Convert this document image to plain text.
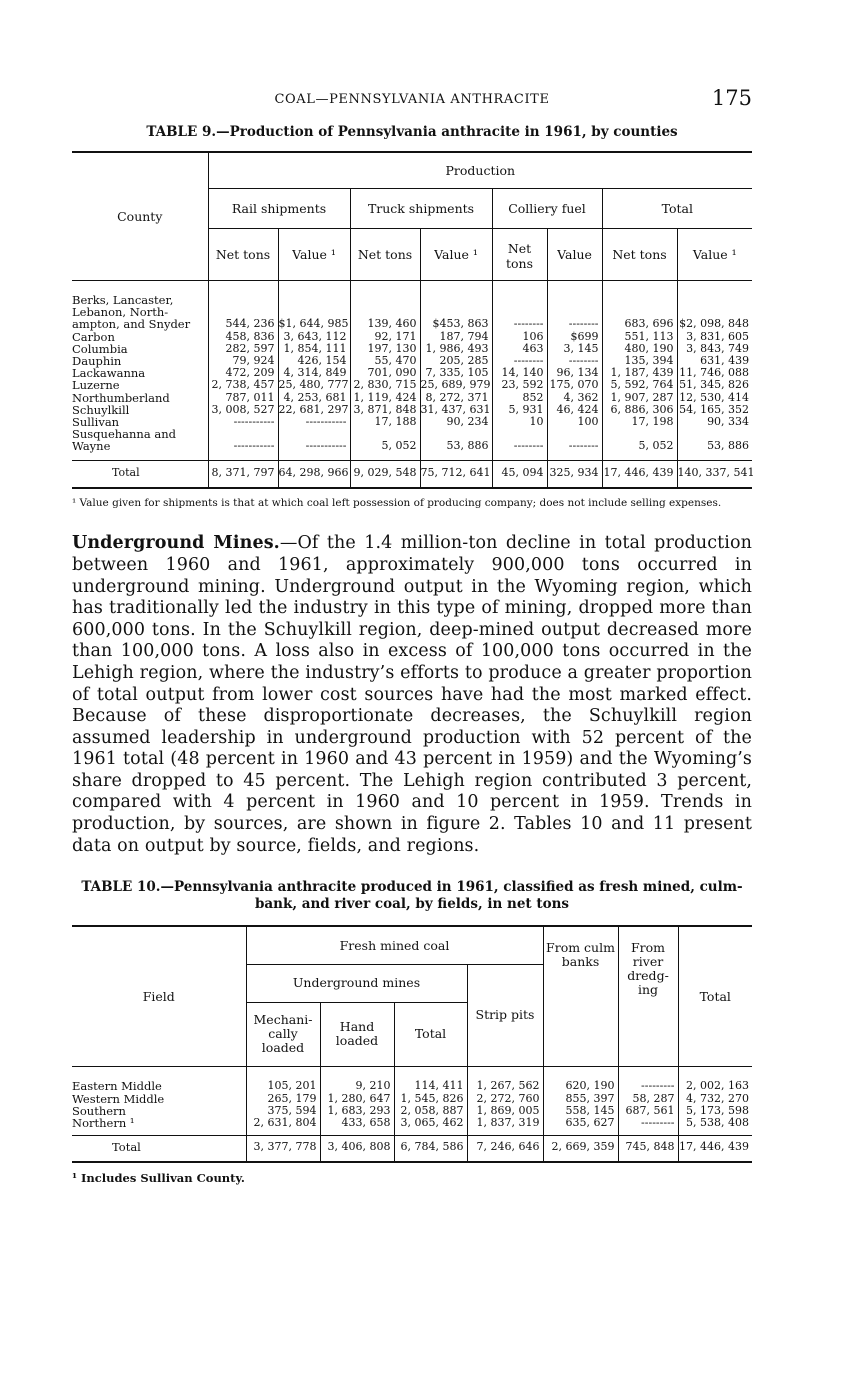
COAL—PENNSYLVANIA ANTHRACITE	175
TABLE 9.—Production of Pennsylvania anthracite in 1961, by counties
County	Production							
	Rail shipments		Truck shipments		Colliery fuel		Total	
	Net tons	Value ¹	Net tons	Value ¹	Net tons	Value	Net tons	Value ¹

Berks, Lancaster, Lebanon, North- ampton, and Snyder	544, 236	$1, 644, 985	139, 460	$453, 863	--------	--------	683, 696	$2, 098, 848
Carbon	458, 836	3, 643, 112	92, 171	187, 794	106	$699	551, 113	3, 831, 605
Columbia	282, 597	1, 854, 111	197, 130	1, 986, 493	463	3, 145	480, 190	3, 843, 749
Dauphin	79, 924	426, 154	55, 470	205, 285	--------	--------	135, 394	631, 439
Lackawanna	472, 209	4, 314, 849	701, 090	7, 335, 105	14, 140	96, 134	1, 187, 439	11, 746, 088
Luzerne	2, 738, 457	25, 480, 777	2, 830, 715	25, 689, 979	23, 592	175, 070	5, 592, 764	51, 345, 826
Northumberland	787, 011	4, 253, 681	1, 119, 424	8, 272, 371	852	4, 362	1, 907, 287	12, 530, 414
Schuylkill	3, 008, 527	22, 681, 297	3, 871, 848	31, 437, 631	5, 931	46, 424	6, 886, 306	54, 165, 352
Sullivan	-----------	-----------	17, 188	90, 234	10	100	17, 198	90, 334
Susquehanna and Wayne	-----------	-----------	5, 052	53, 886	--------	--------	5, 052	53, 886

Total	8, 371, 797	64, 298, 966	9, 029, 548	75, 712, 641	45, 094	325, 934	17, 446, 439	140, 337, 541
¹ Value given for shipments is that at which coal left possession of producing company; does not include selling expenses.
Underground Mines.—Of the 1.4 million-ton decline in total production between 1960 and 1961, approximately 900,000 tons occurred in underground mining. Underground output in the Wyoming region, which has traditionally led the industry in this type of mining, dropped more than 600,000 tons. In the Schuylkill region, deep-mined output decreased more than 100,000 tons. A loss also in excess of 100,000 tons occurred in the Lehigh region, where the industry’s efforts to produce a greater proportion of total output from lower cost sources have had the most marked effect. Because of these disproportionate decreases, the Schuylkill region assumed leadership in underground production with 52 percent of the 1961 total (48 percent in 1960 and 43 percent in 1959) and the Wyoming’s share dropped to 45 percent. The Lehigh region contributed 3 percent, compared with 4 percent in 1960 and 10 percent in 1959. Trends in production, by sources, are shown in figure 2. Tables 10 and 11 present data on output by source, fields, and regions.
TABLE 10.—Pennsylvania anthracite produced in 1961, classified as fresh mined, culm-bank, and river coal, by fields, in net tons
Field	Fresh mined coal				From culm banks	From river dredg- ing	Total
	Underground mines			Strip pits			
	Mechani- cally loaded	Hand loaded	Total				

Eastern Middle	105, 201	9, 210	114, 411	1, 267, 562	620, 190	---------	2, 002, 163
Western Middle	265, 179	1, 280, 647	1, 545, 826	2, 272, 760	855, 397	58, 287	4, 732, 270
Southern	375, 594	1, 683, 293	2, 058, 887	1, 869, 005	558, 145	687, 561	5, 173, 598
Northern ¹	2, 631, 804	433, 658	3, 065, 462	1, 837, 319	635, 627	---------	5, 538, 408

Total	3, 377, 778	3, 406, 808	6, 784, 586	7, 246, 646	2, 669, 359	745, 848	17, 446, 439
¹ Includes Sullivan County.
